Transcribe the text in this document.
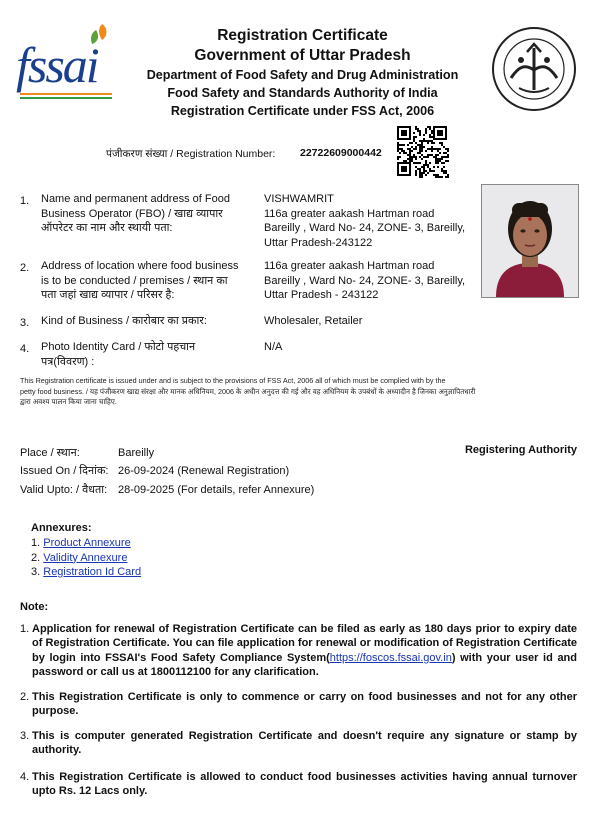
fssai
Registration Certificate
Government of Uttar Pradesh
Department of Food Safety and Drug Administration
Food Safety and Standards Authority of India
Registration Certificate under FSS Act, 2006
पंजीकरण संख्या / Registration Number: 22722609000442
1. Name and permanent address of Food
Business Operator (FBO) / खाद्य व्यापार
ऑपरेटर का नाम और स्थायी पता:
VISHWAMRIT
116a greater aakash Hartman road
Bareilly , Ward No- 24, ZONE- 3, Bareilly,
Uttar Pradesh-243122
2. Address of location where food business
is to be conducted / premises / स्थान का
पता जहां खाद्य व्यापार / परिसर है:
116a greater aakash Hartman road
Bareilly , Ward No- 24, ZONE- 3, Bareilly,
Uttar Pradesh - 243122
3. Kind of Business / कारोबार का प्रकार:	Wholesaler, Retailer
4. Photo Identity Card / फोटो पहचान
पत्र(विवरण) :
N/A
This Registration certificate is issued under and is subject to the provisions of FSS Act, 2006 all of which must be complied with by the
petty food business. / यह पंजीकरण खाद्य संरक्षा और मानक अधिनियम, 2006 के अधीन अनुदत्त की गई और वह अधिनियम के उपबंधों के अध्यादीन है जिनका अनुज्ञापितधारी
द्वारा अवश्य पालन किया जाना चाहिए.
Place / स्थान:	Bareilly
Issued On / दिनांक: 26-09-2024 (Renewal Registration)
Valid Upto: / वैधता: 28-09-2025 (For details, refer Annexure)
Registering Authority
Annexures:
1. Product Annexure
2. Validity Annexure
3. Registration Id Card
Note:
1. Application for renewal of Registration Certificate can be filed as early as 180 days prior to expiry date of Registration Certificate. You can file application for renewal or modification of Registration Certificate by login into FSSAI's Food Safety Compliance System(https://foscos.fssai.gov.in) with your user id and password or call us at 1800112100 for any clarification.
2. This Registration Certificate is only to commence or carry on food businesses and not for any other purpose.
3. This is computer generated Registration Certificate and doesn't require any signature or stamp by authority.
4. This Registration Certificate is allowed to conduct food businesses activities having annual turnover upto Rs. 12 Lacs only.
